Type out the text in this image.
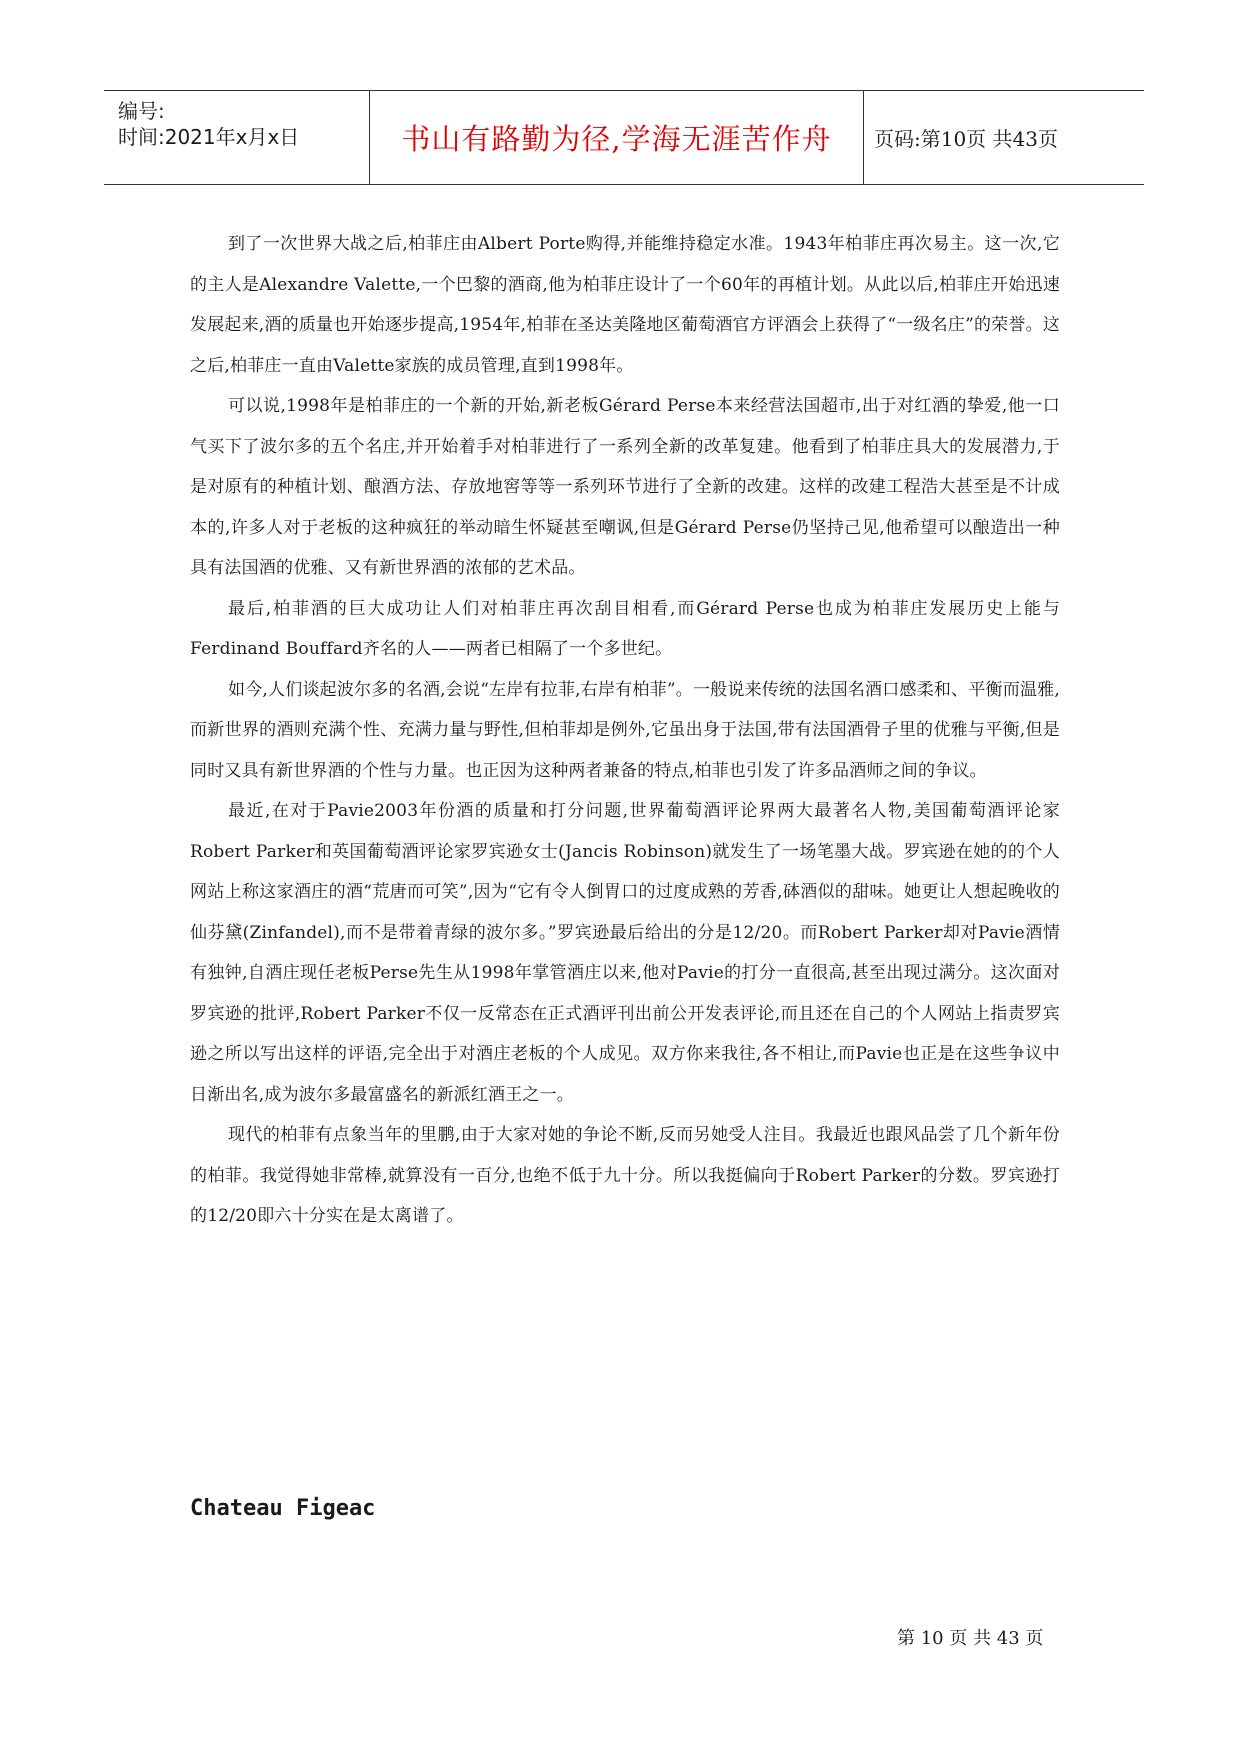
编号:
时间:2021年x月x日	书山有路勤为径,学海无涯苦作舟 页码:第10页 共43页

到了一次世界大战之后,柏菲庄由Albert Porte购得,并能维持稳定水准。1943年柏菲庄再次易主。这一次,它的主人是Alexandre Valette,一个巴黎的酒商,他为柏菲庄设计了一个60年的再植计划。从此以后,柏菲庄开始迅速发展起来,酒的质量也开始逐步提高,1954年,柏菲在圣达美隆地区葡萄酒官方评酒会上获得了“一级名庄”的荣誉。这之后,柏菲庄一直由Valette家族的成员管理,直到1998年。

可以说,1998年是柏菲庄的一个新的开始,新老板Gérard Perse本来经营法国超市,出于对红酒的挚爱,他一口气买下了波尔多的五个名庄,并开始着手对柏菲进行了一系列全新的改革复建。他看到了柏菲庄具大的发展潜力,于是对原有的种植计划、酿酒方法、存放地窖等等一系列环节进行了全新的改建。这样的改建工程浩大甚至是不计成本的,许多人对于老板的这种疯狂的举动暗生怀疑甚至嘲讽,但是Gérard Perse仍坚持己见,他希望可以酿造出一种具有法国酒的优雅、又有新世界酒的浓郁的艺术品。

最后,柏菲酒的巨大成功让人们对柏菲庄再次刮目相看,而Gérard Perse也成为柏菲庄发展历史上能与Ferdinand Bouffard齐名的人——两者已相隔了一个多世纪。

如今,人们谈起波尔多的名酒,会说“左岸有拉菲,右岸有柏菲”。一般说来传统的法国名酒口感柔和、平衡而温雅,而新世界的酒则充满个性、充满力量与野性,但柏菲却是例外,它虽出身于法国,带有法国酒骨子里的优雅与平衡,但是同时又具有新世界酒的个性与力量。也正因为这种两者兼备的特点,柏菲也引发了许多品酒师之间的争议。

最近,在对于Pavie2003年份酒的质量和打分问题,世界葡萄酒评论界两大最著名人物,美国葡萄酒评论家Robert Parker和英国葡萄酒评论家罗宾逊女士(Jancis Robinson)就发生了一场笔墨大战。罗宾逊在她的的个人网站上称这家酒庄的酒“荒唐而可笑”,因为“它有令人倒胃口的过度成熟的芳香,砵酒似的甜味。她更让人想起晚收的仙芬黛(Zinfandel),而不是带着青绿的波尔多。”罗宾逊最后给出的分是12/20。而Robert Parker却对Pavie酒情有独钟,自酒庄现任老板Perse先生从1998年掌管酒庄以来,他对Pavie的打分一直很高,甚至出现过满分。这次面对罗宾逊的批评,Robert Parker不仅一反常态在正式酒评刊出前公开发表评论,而且还在自己的个人网站上指责罗宾逊之所以写出这样的评语,完全出于对酒庄老板的个人成见。双方你来我往,各不相让,而Pavie也正是在这些争议中日渐出名,成为波尔多最富盛名的新派红酒王之一。

现代的柏菲有点象当年的里鹏,由于大家对她的争论不断,反而另她受人注目。我最近也跟风品尝了几个新年份的柏菲。我觉得她非常棒,就算没有一百分,也绝不低于九十分。所以我挺偏向于Robert Parker的分数。罗宾逊打的12/20即六十分实在是太离谱了。

Chateau Figeac
第 10 页 共 43 页
